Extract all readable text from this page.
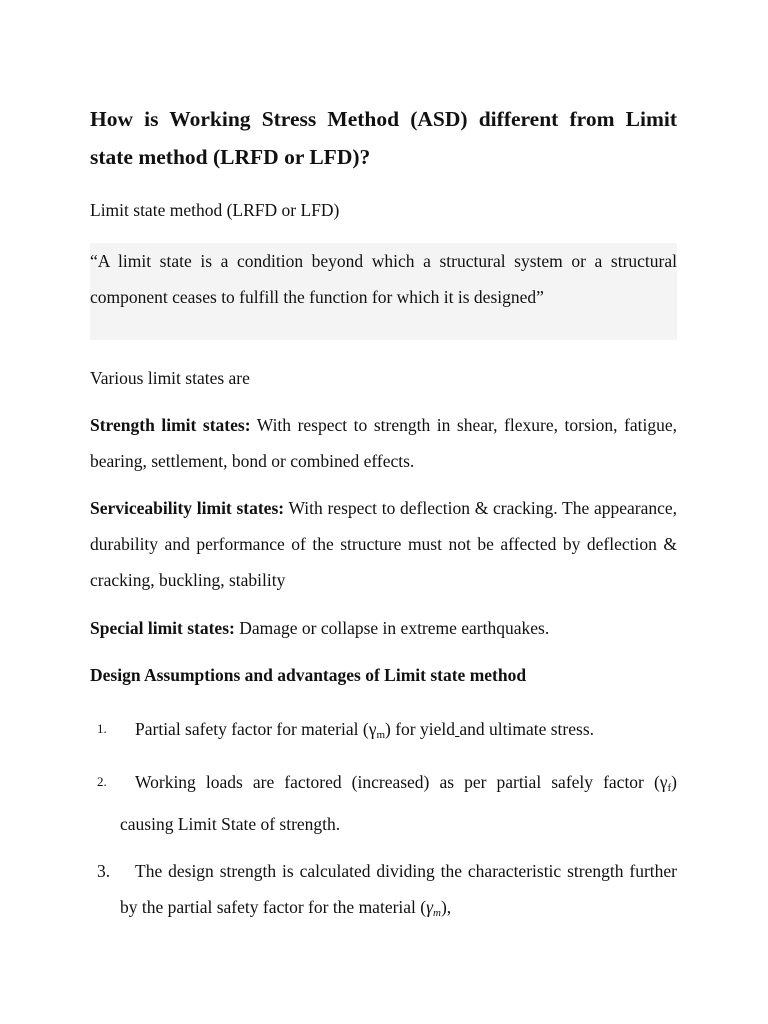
How is Working Stress Method (ASD) different from Limit state method (LRFD or LFD)?

Limit state method (LRFD or LFD)

“A limit state is a condition beyond which a structural system or a structural component ceases to fulfill the function for which it is designed”

Various limit states are

Strength limit states: With respect to strength in shear, flexure, torsion, fatigue, bearing, settlement, bond or combined effects.

Serviceability limit states: With respect to deflection & cracking. The appearance, durability and performance of the structure must not be affected by deflection & cracking, buckling, stability

Special limit states: Damage or collapse in extreme earthquakes.

Design Assumptions and advantages of Limit state method

1.	Partial safety factor for material $(\gamma_m)$ for yield and ultimate stress.
2.	Working loads are factored (increased) as per partial safely factor $(\gamma_f)$ causing Limit State of strength.
3.	The design strength is calculated dividing the characteristic strength further by the partial safety factor for the material $(\gamma_m)$,
